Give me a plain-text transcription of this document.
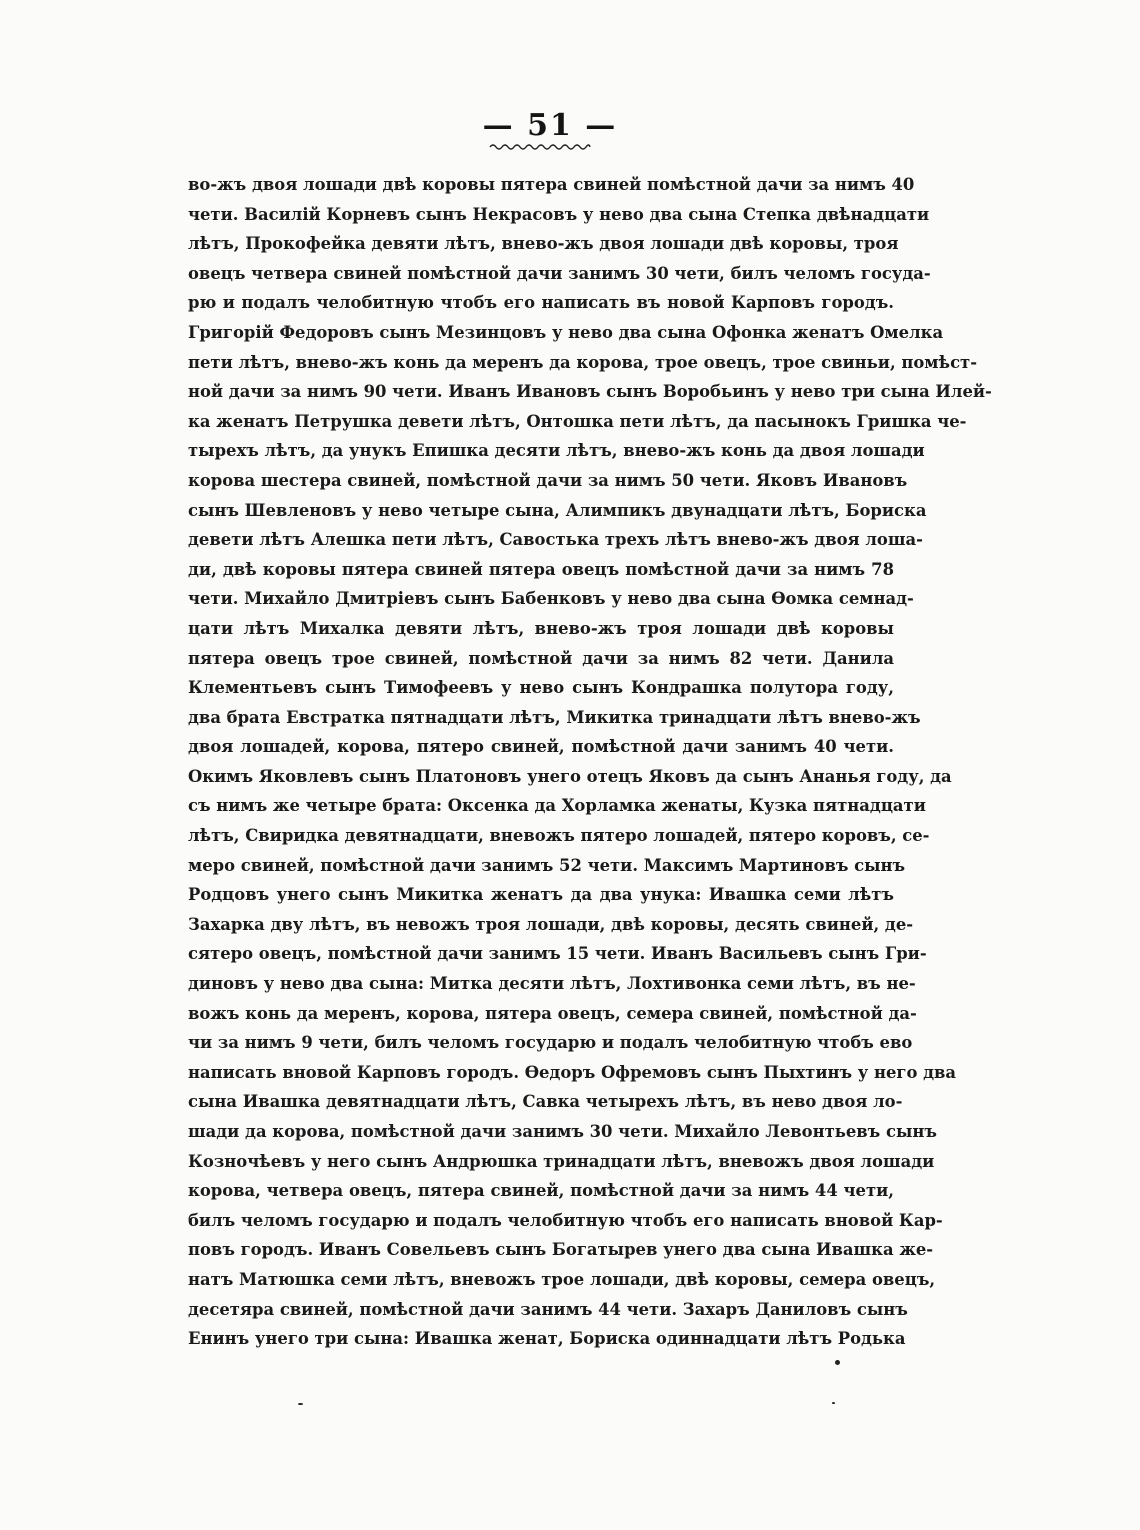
— 51 —
во-жъ двоя лошади двѣ коровы пятера свиней помѣстной дачи за нимъ 40
чети. Василій Корневъ сынъ Некрасовъ у нево два сына Степка двѣнадцати
лѣтъ, Прокофейка девяти лѣтъ, внево-жъ двоя лошади двѣ коровы, троя
овецъ четвера свиней помѣстной дачи занимъ 30 чети, билъ челомъ госуда-
рю и подалъ челобитную чтобъ его написать въ новой Карповъ городъ.
Григорій Федоровъ сынъ Мезинцовъ у нево два сына Офонка женатъ Омелка
пети лѣтъ, внево-жъ конь да меренъ да корова, трое овецъ, трое свиньи, помѣст-
ной дачи за нимъ 90 чети. Иванъ Ивановъ сынъ Воробьинъ у нево три сына Илей-
ка женатъ Петрушка девети лѣтъ, Онтошка пети лѣтъ, да пасынокъ Гришка че-
тырехъ лѣтъ, да унукъ Епишка десяти лѣтъ, внево-жъ конь да двоя лошади
корова шестера свиней, помѣстной дачи за нимъ 50 чети. Яковъ Ивановъ
сынъ Шевленовъ у нево четыре сына, Алимпикъ двунадцати лѣтъ, Бориска
девети лѣтъ Алешка пети лѣтъ, Савостька трехъ лѣтъ внево-жъ двоя лоша-
ди, двѣ коровы пятера свиней пятера овецъ помѣстной дачи за нимъ 78
чети. Михайло Дмитріевъ сынъ Бабенковъ у нево два сына Ѳомка семнад-
цати лѣтъ Михалка девяти лѣтъ, внево-жъ троя лошади двѣ коровы
пятера овецъ трое свиней, помѣстной дачи за нимъ 82 чети. Данила
Клементьевъ сынъ Тимофеевъ у нево сынъ Кондрашка полутора году,
два брата Евстратка пятнадцати лѣтъ, Микитка тринадцати лѣтъ внево-жъ
двоя лошадей, корова, пятеро свиней, помѣстной дачи занимъ 40 чети.
Окимъ Яковлевъ сынъ Платоновъ унего отецъ Яковъ да сынъ Ананья году, да
съ нимъ же четыре брата: Оксенка да Хорламка женаты, Кузка пятнадцати
лѣтъ, Свиридка девятнадцати, вневожъ пятеро лошадей, пятеро коровъ, се-
меро свиней, помѣстной дачи занимъ 52 чети. Максимъ Мартиновъ сынъ
Родцовъ унего сынъ Микитка женатъ да два унука: Ивашка семи лѣтъ
Захарка дву лѣтъ, въ невожъ троя лошади, двѣ коровы, десять свиней, де-
сятеро овецъ, помѣстной дачи занимъ 15 чети. Иванъ Васильевъ сынъ Гри-
диновъ у нево два сына: Митка десяти лѣтъ, Лохтивонка семи лѣтъ, въ не-
вожъ конь да меренъ, корова, пятера овецъ, семера свиней, помѣстной да-
чи за нимъ 9 чети, билъ челомъ государю и подалъ челобитную чтобъ ево
написать вновой Карповъ городъ. Ѳедоръ Офремовъ сынъ Пыхтинъ у него два
сына Ивашка девятнадцати лѣтъ, Савка четырехъ лѣтъ, въ нево двоя ло-
шади да корова, помѣстной дачи занимъ 30 чети. Михайло Левонтьевъ сынъ
Козночѣевъ у него сынъ Андрюшка тринадцати лѣтъ, вневожъ двоя лошади
корова, четвера овецъ, пятера свиней, помѣстной дачи за нимъ 44 чети,
билъ челомъ государю и подалъ челобитную чтобъ его написать вновой Кар-
повъ городъ. Иванъ Совельевъ сынъ Богатырев унего два сына Ивашка же-
натъ Матюшка семи лѣтъ, вневожъ трое лошади, двѣ коровы, семера овецъ,
десетяра свиней, помѣстной дачи занимъ 44 чети. Захаръ Даниловъ сынъ
Енинъ унего три сына: Ивашка женат, Бориска одиннадцати лѣтъ Родька
